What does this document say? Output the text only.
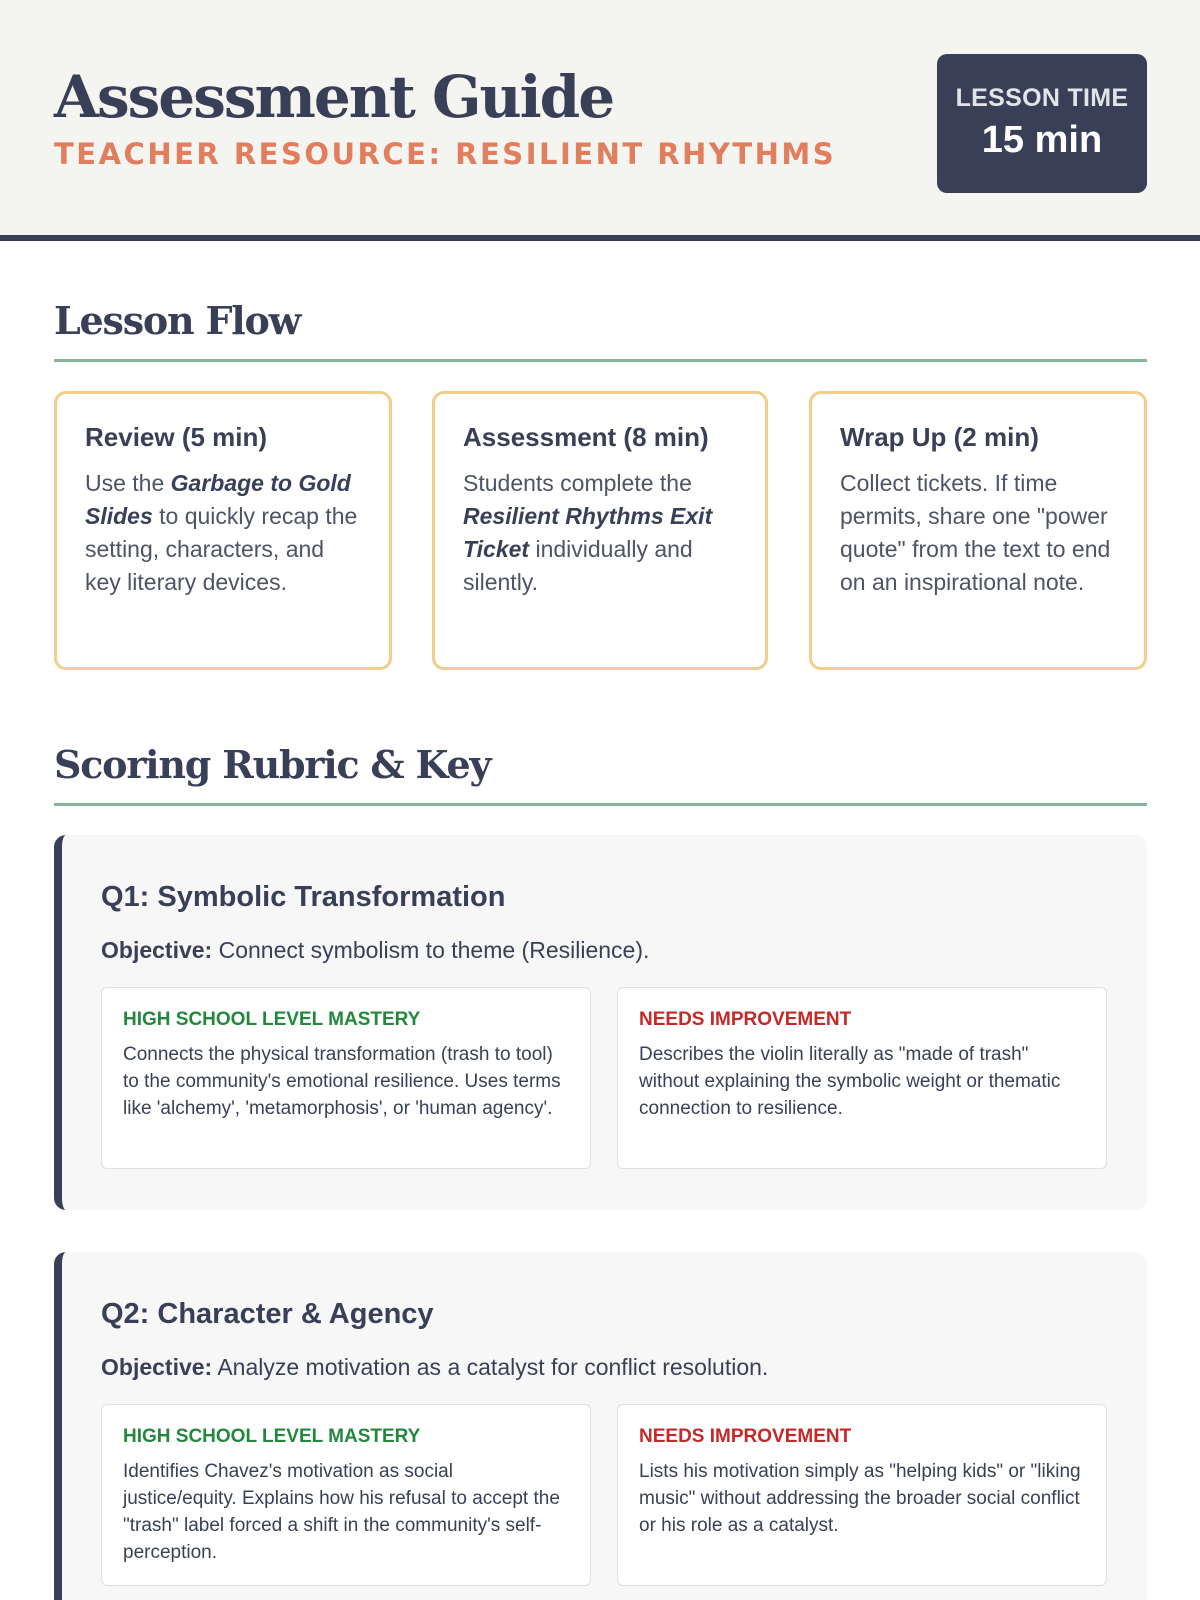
Assessment Guide
TEACHER RESOURCE: RESILIENT RHYTHMS
LESSON TIME
15 min
Lesson Flow
Review (5 min)

Use the Garbage to Gold Slides to quickly recap the setting, characters, and key literary devices.

Assessment (8 min)

Students complete the Resilient Rhythms Exit Ticket individually and silently.

Wrap Up (2 min)

Collect tickets. If time permits, share one "power quote" from the text to end on an inspirational note.

Scoring Rubric & Key
Q1: Symbolic Transformation
Objective: Connect symbolism to theme (Resilience).
HIGH SCHOOL LEVEL MASTERY
Connects the physical transformation (trash to tool) to the community's emotional resilience. Uses terms like 'alchemy', 'metamorphosis', or 'human agency'.
NEEDS IMPROVEMENT
Describes the violin literally as "made of trash" without explaining the symbolic weight or thematic connection to resilience.
Q2: Character & Agency
Objective: Analyze motivation as a catalyst for conflict resolution.
HIGH SCHOOL LEVEL MASTERY
Identifies Chavez's motivation as social justice/equity. Explains how his refusal to accept the "trash" label forced a shift in the community's self-perception.
NEEDS IMPROVEMENT
Lists his motivation simply as "helping kids" or "liking music" without addressing the broader social conflict or his role as a catalyst.
